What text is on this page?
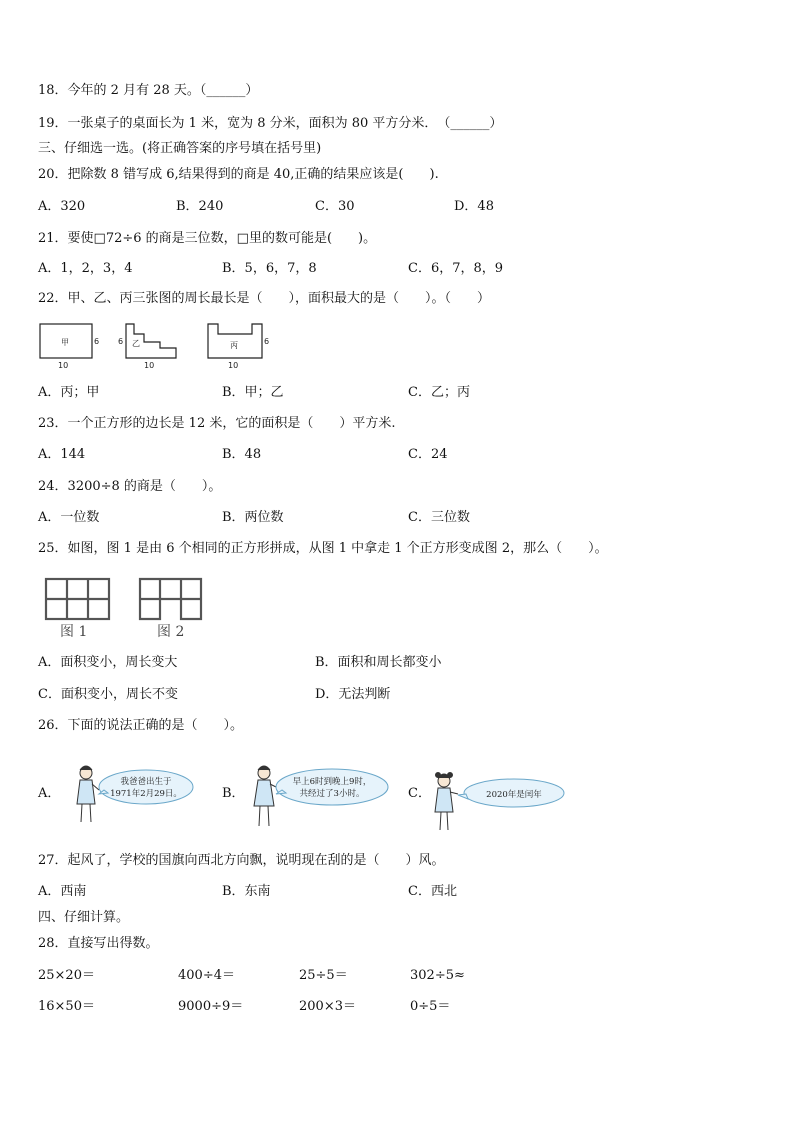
18．今年的 2 月有 28 天。（______）
19．一张桌子的桌面长为 1 米，宽为 8 分米，面积为 80 平方分米．　（______）
三、仔细选一选。(将正确答案的序号填在括号里)
20．把除数 8 错写成 6,结果得到的商是 40,正确的结果应该是(　　).
A．320	B．240	C．30	D．48
21．要使□72÷6 的商是三位数，□里的数可能是(　　)。
A．1，2，3，4	B．5，6，7，8	C．6，7，8，9
22．甲、乙、丙三张图的周长最长是（　　），面积最大的是（　　）。（　　）
甲	6
10
乙
6
10
丙	6
10
A．丙；甲	B．甲；乙	C．乙；丙
23．一个正方形的边长是 12 米，它的面积是（　　）平方米.
A．144	B．48	C．24
24．3200÷8 的商是（　　）。
A．一位数	B．两位数	C．三位数
25．如图，图 1 是由 6 个相同的正方形拼成，从图 1 中拿走 1 个正方形变成图 2，那么（　　）。
图 1	图 2
A．面积变小，周长变大	B．面积和周长都变小
C．面积变小，周长不变	D．无法判断
26．下面的说法正确的是（　　）。
A．	B．	C．
我爸爸出生于
1971年2月29日。
早上6时到晚上9时，
共经过了3小时。	2020年是闰年
27．起风了，学校的国旗向西北方向飘，说明现在刮的是（　　）风。
A．西南	B．东南	C．西北
四、仔细计算。
28．直接写出得数。
25×20＝	400÷4＝	25÷5＝	302÷5≈
16×50＝	9000÷9＝	200×3＝	0÷5＝
